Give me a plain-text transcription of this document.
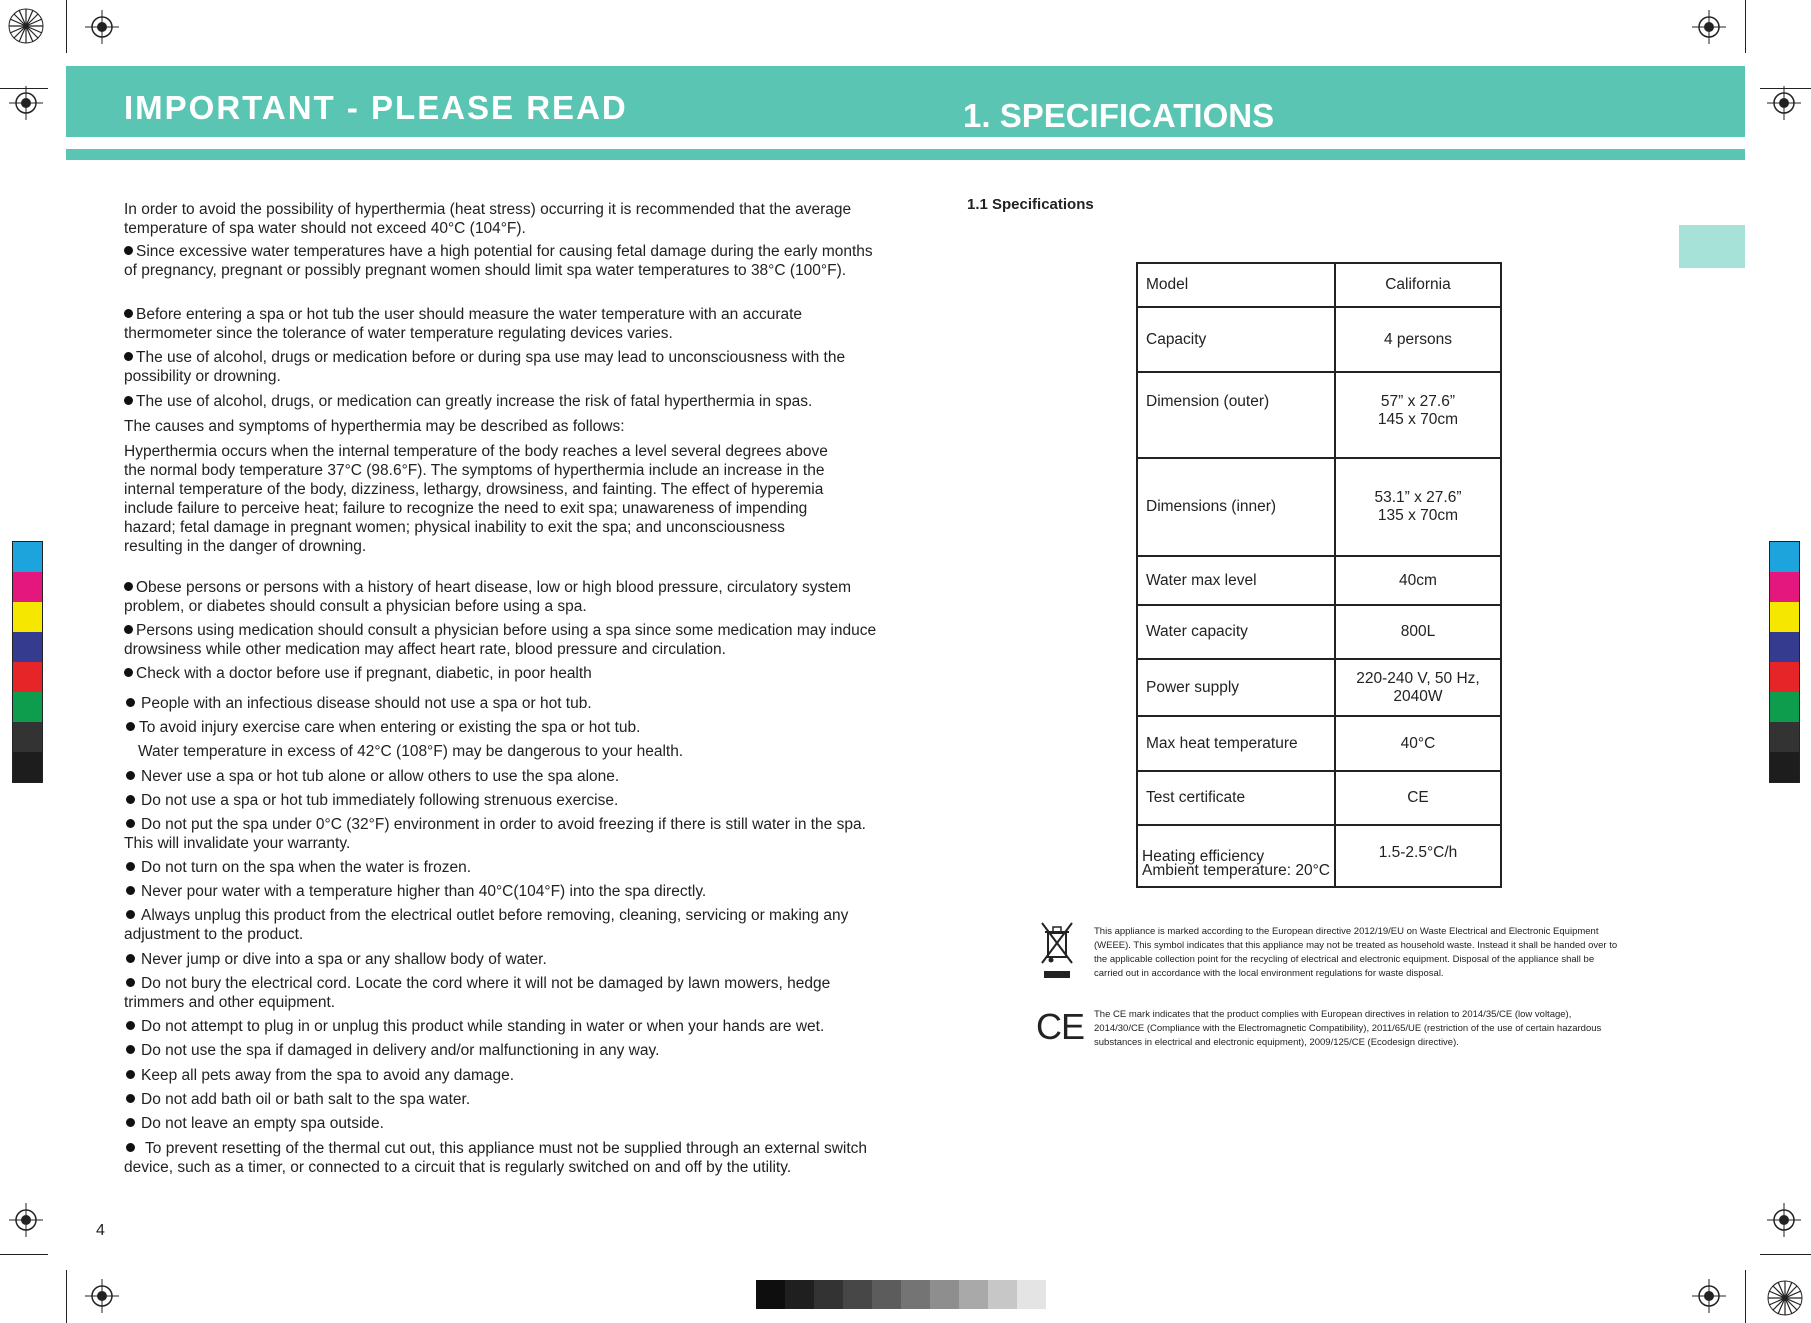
IMPORTANT - PLEASE READ	1. SPECIFICATIONS

In order to avoid the possibility of hyperthermia (heat stress) occurring it is recommended that the average temperature of spa water should not exceed 40°C (104°F).

Since excessive water temperatures have a high potential for causing fetal damage during the early months of pregnancy, pregnant or possibly pregnant women should limit spa water temperatures to 38°C (100°F).

Before entering a spa or hot tub the user should measure the water temperature with an accurate thermometer since the tolerance of water temperature regulating devices varies.

The use of alcohol, drugs or medication before or during spa use may lead to unconsciousness with the possibility or drowning.

The use of alcohol, drugs, or medication can greatly increase the risk of fatal hyperthermia in spas.

The causes and symptoms of hyperthermia may be described as follows:

Hyperthermia occurs when the internal temperature of the body reaches a level several degrees above the normal body temperature 37°C (98.6°F). The symptoms of hyperthermia include an increase in the internal temperature of the body, dizziness, lethargy, drowsiness, and fainting. The effect of hyperemia include failure to perceive heat; failure to recognize the need to exit spa; unawareness of impending hazard; fetal damage in pregnant women; physical inability to exit the spa; and unconsciousness resulting in the danger of drowning.

Obese persons or persons with a history of heart disease, low or high blood pressure, circulatory system problem, or diabetes should consult a physician before using a spa.

Persons using medication should consult a physician before using a spa since some medication may induce drowsiness while other medication may affect heart rate, blood pressure and circulation.

Check with a doctor before use if pregnant, diabetic, in poor health

People with an infectious disease should not use a spa or hot tub.

To avoid injury exercise care when entering or existing the spa or hot tub.

Water temperature in excess of 42°C (108°F) may be dangerous to your health.

Never use a spa or hot tub alone or allow others to use the spa alone.

Do not use a spa or hot tub immediately following strenuous exercise.

Do not put the spa under 0°C (32°F) environment in order to avoid freezing if there is still water in the spa. This will invalidate your warranty.

Do not turn on the spa when the water is frozen.

Never pour water with a temperature higher than 40°C(104°F) into the spa directly.

Always unplug this product from the electrical outlet before removing, cleaning, servicing or making any adjustment to the product.

Never jump or dive into a spa or any shallow body of water.

Do not bury the electrical cord. Locate the cord where it will not be damaged by lawn mowers, hedge trimmers and other equipment.

Do not attempt to plug in or unplug this product while standing in water or when your hands are wet.

Do not use the spa if damaged in delivery and/or malfunctioning in any way.

Keep all pets away from the spa to avoid any damage.

Do not add bath oil or bath salt to the spa water.

Do not leave an empty spa outside.

To prevent resetting of the thermal cut out, this appliance must not be supplied through an external switch device, such as a timer, or connected to a circuit that is regularly switched on and off by the utility.

1.1 Specifications
Model	California
Capacity	4 persons
Dimension (outer)	57” x 27.6”
145 x 70cm

Dimensions (inner)	53.1” x 27.6”
135 x 70cm

Water max level	40cm
Water capacity	800L
Power supply	220-240 V, 50 Hz,
2040W

Max heat temperature	40°C
Test certificate	CE

Heating efficiency
Ambient temperature: 20°C	1.5-2.5°C/h
This appliance is marked according to the European directive 2012/19/EU on Waste Electrical and Electronic Equipment (WEEE). This symbol indicates that this appliance may not be treated as household waste. Instead it shall be handed over to the applicable collection point for the recycling of electrical and electronic equipment. Disposal of the appliance shall be carried out in accordance with the local environment regulations for waste disposal.
CE The CE mark indicates that the product complies with European directives in relation to 2014/35/CE (low voltage), 2014/30/CE (Compliance with the Electromagnetic Compatibility), 2011/65/UE (restriction of the use of certain hazardous substances in electrical and electronic equipment), 2009/125/CE (Ecodesign directive).
4
